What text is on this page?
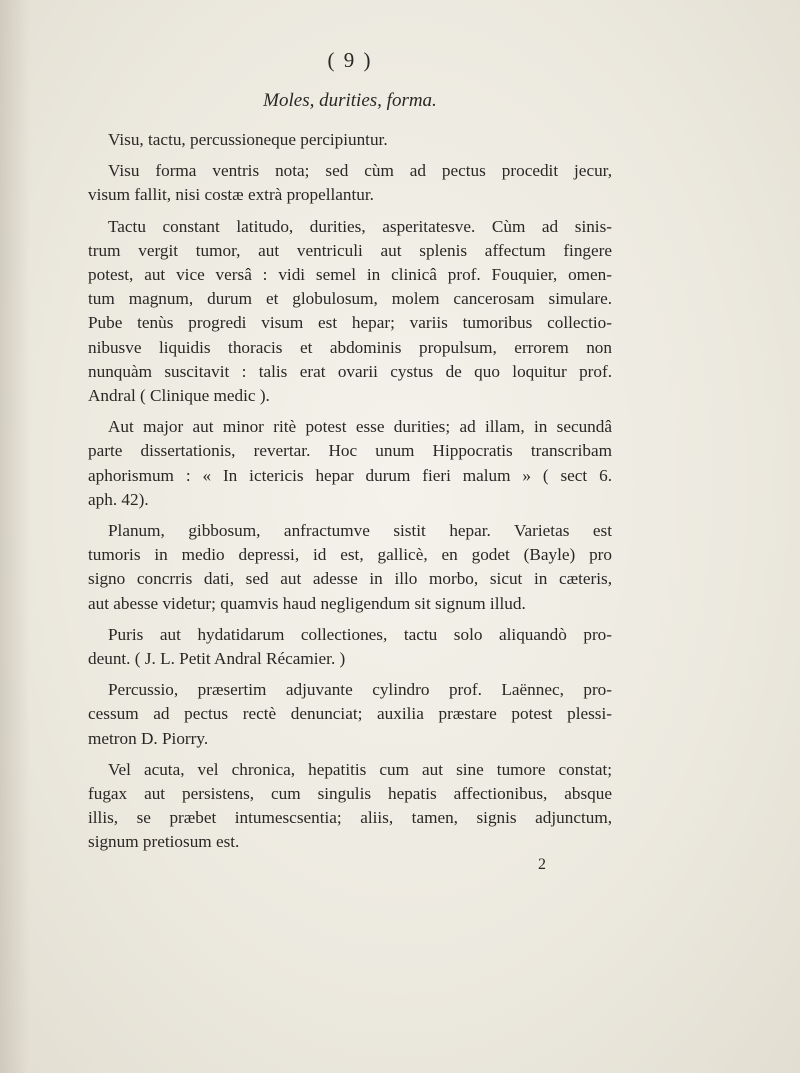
( 9 )
Moles, durities, forma.
Visu, tactu, percussioneque percipiuntur.
Visu forma ventris nota; sed cùm ad pectus procedit jecur,
visum fallit, nisi costæ extrà propellantur.
Tactu constant latitudo, durities, asperitatesve. Cùm ad sinis-
trum vergit tumor, aut ventriculi aut splenis affectum fingere
potest, aut vice versâ : vidi semel in clinicâ prof. Fouquier, omen-
tum magnum, durum et globulosum, molem cancerosam simulare.
Pube tenùs progredi visum est hepar; variis tumoribus collectio-
nibusve liquidis thoracis et abdominis propulsum, errorem non
nunquàm suscitavit : talis erat ovarii cystus de quo loquitur prof.
Andral ( Clinique medic ).
Aut major aut minor ritè potest esse durities; ad illam, in secundâ
parte dissertationis, revertar. Hoc unum Hippocratis transcribam
aphorismum : « In ictericis hepar durum fieri malum » ( sect 6.
aph. 42).
Planum, gibbosum, anfractumve sistit hepar. Varietas est
tumoris in medio depressi, id est, gallicè, en godet (Bayle) pro
signo concrris dati, sed aut adesse in illo morbo, sicut in cæteris,
aut abesse videtur; quamvis haud negligendum sit signum illud.
Puris aut hydatidarum collectiones, tactu solo aliquandò pro-
deunt. ( J. L. Petit Andral Récamier. )
Percussio, præsertim adjuvante cylindro prof. Laënnec, pro-
cessum ad pectus rectè denunciat; auxilia præstare potest plessi-
metron D. Piorry.
Vel acuta, vel chronica, hepatitis cum aut sine tumore constat;
fugax aut persistens, cum singulis hepatis affectionibus, absque
illis, se præbet intumescsentia; aliis, tamen, signis adjunctum,
signum pretiosum est.
2
